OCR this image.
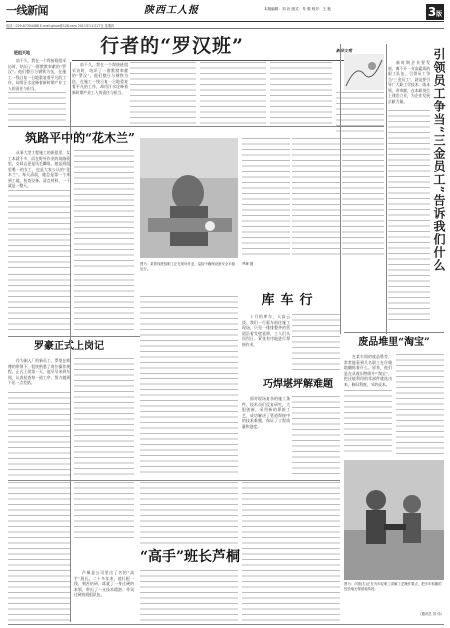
一线新闻	陕西工人报	本版编辑：刘 岩 版式：朱 强 校对：王 艳	3版
电话：029-87354488 E-mail:ghxw@126.com 2011年11月17日 星期四
行者的“罗汉班”
班组天地

前不久，我在一个焊接班组采访时，结识了一群默默奉献的“罗汉”。他们整日与钢铁为伍，在施工一线日复一日地重复着平凡的工作，却用汗水诠释着新时期产业工人的责任与担当。

前不久，我在一个焊接班组采访时，结识了一群默默奉献的“罗汉”。他们整日与钢铁为伍，在施工一线日复一日地重复着平凡的工作，却用汗水诠释着新时期产业工人的责任与担当。

新华文苑	引领员工争当“三金员工”告诉我们什么

新时期企业要发展，离不开一支高素质的职工队伍。引领员工争当“三金员工”，就是要引导广大职工学技术、练本领、讲奉献，在本职岗位上建功立业，为企业发展贡献力量。

筑路平中的“花木兰”

从事大型工程施工的班组里，女工本就不多，而在野外作业的筑路班里，女同志更是凤毛麟角。她是班组里唯一的女工，也是大家公认的“花木兰”。每天清晨，她总是第一个来到工地，检查设备、清点材料，一干就是一整天。

图为：某管线班组职工正在现场作业，巡检中确保设备安全平稳运行。
罗峰 摄
库车行

十月的库车，天高云淡。我们一行驱车前往施工现场，只见一排排整齐的管道沿着戈壁延伸，工人们头顶烈日，紧张有序地进行焊接作业。

罗豪正式上岗记

作为刚入厂的新员工，罗豪在师傅的带领下，很快熟悉了岗位操作规程。正式上岗第一天，他早早来到车间，认真检查每一道工序，努力做到不出一点差错。

废品堆里“淘宝”

在某车间的废品堆旁，常常能看到几名职工在仔细地翻拣着什么。原来，他们是在从废旧物资中“淘宝”，把还能利用的零部件挑选出来，修旧利废，节约成本。

巧焊堪坪解难题

面对现场复杂的施工条件，技术员们反复研究，大胆创新，采用新的焊接工艺，成功解决了管道焊接中的技术难题，保证了工程质量和进度。

“高手”班长芦桐

芦桐是公司里出了名的“高手”班长。二十多年来，他扎根一线，刻苦钻研，练就了一身过硬的本领，带出了一支技术精湛、作风过硬的班组队伍。

图为：卢刚(右)正在为年轻职工讲解工艺操作要点，把多年积累的经验毫无保留地传授。
（通讯员 刘 伟）
